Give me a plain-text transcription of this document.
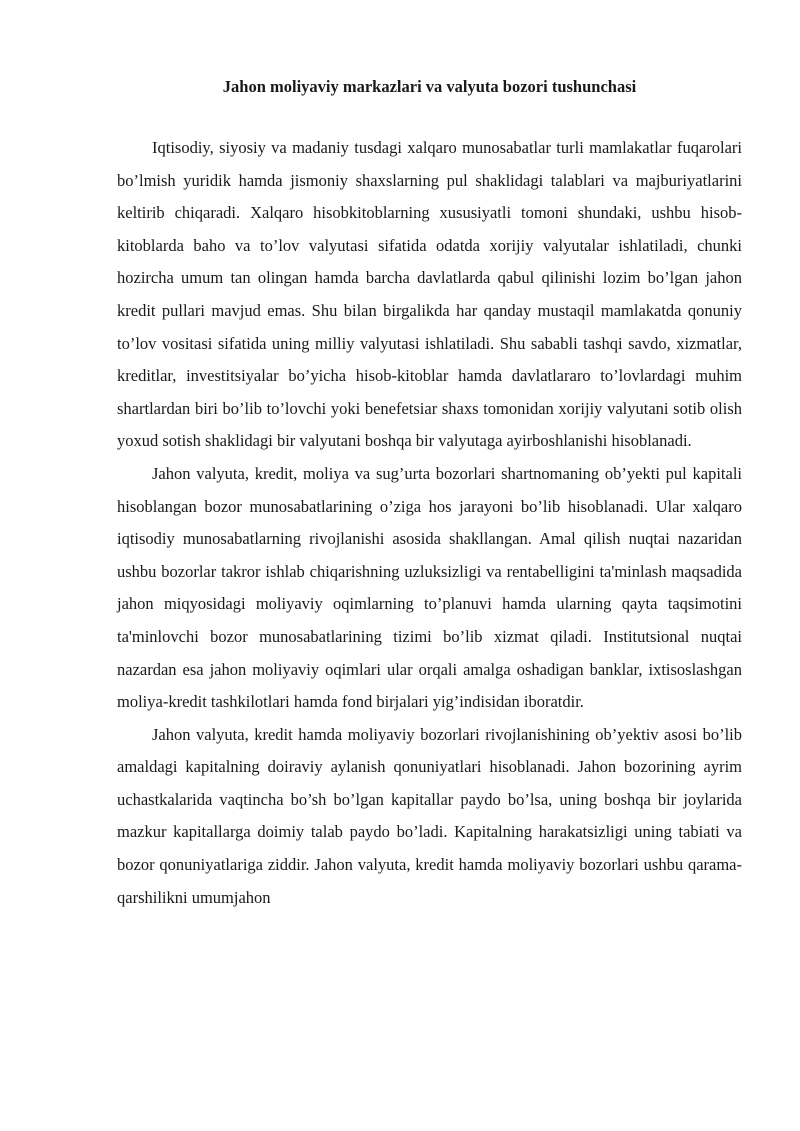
Jahon moliyaviy markazlari va valyuta bozori tushunchasi

Iqtisodiy, siyosiy va madaniy tusdagi xalqaro munosabatlar turli mamlakatlar fuqarolari bo’lmish yuridik hamda jismoniy shaxslarning pul shaklidagi talablari va majburiyatlarini keltirib chiqaradi. Xalqaro hisobkitoblarning xususiyatli tomoni shundaki, ushbu hisob-kitoblarda baho va to’lov valyutasi sifatida odatda xorijiy valyutalar ishlatiladi, chunki hozircha umum tan olingan hamda barcha davlatlarda qabul qilinishi lozim bo’lgan jahon kredit pullari mavjud emas. Shu bilan birgalikda har qanday mustaqil mamlakatda qonuniy to’lov vositasi sifatida uning milliy valyutasi ishlatiladi. Shu sababli tashqi savdo, xizmatlar, kreditlar, investitsiyalar bo’yicha hisob-kitoblar hamda davlatlararo to’lovlardagi muhim shartlardan biri bo’lib to’lovchi yoki benefetsiar shaxs tomonidan xorijiy valyutani sotib olish yoxud sotish shaklidagi bir valyutani boshqa bir valyutaga ayirboshlanishi hisoblanadi.

Jahon valyuta, kredit, moliya va sug’urta bozorlari shartnomaning ob’yekti pul kapitali hisoblangan bozor munosabatlarining o’ziga hos jarayoni bo’lib hisoblanadi. Ular xalqaro iqtisodiy munosabatlarning rivojlanishi asosida shakllangan. Amal qilish nuqtai nazaridan ushbu bozorlar takror ishlab chiqarishning uzluksizligi va rentabelligini ta'minlash maqsadida jahon miqyosidagi moliyaviy oqimlarning to’planuvi hamda ularning qayta taqsimotini ta'minlovchi bozor munosabatlarining tizimi bo’lib xizmat qiladi. Institutsional nuqtai nazardan esa jahon moliyaviy oqimlari ular orqali amalga oshadigan banklar, ixtisoslashgan moliya-kredit tashkilotlari hamda fond birjalari yig’indisidan iboratdir.

Jahon valyuta, kredit hamda moliyaviy bozorlari rivojlanishining ob’yektiv asosi bo’lib amaldagi kapitalning doiraviy aylanish qonuniyatlari hisoblanadi. Jahon bozorining ayrim uchastkalarida vaqtincha bo’sh bo’lgan kapitallar paydo bo’lsa, uning boshqa bir joylarida mazkur kapitallarga doimiy talab paydo bo’ladi. Kapitalning harakatsizligi uning tabiati va bozor qonuniyatlariga ziddir. Jahon valyuta, kredit hamda moliyaviy bozorlari ushbu qarama-qarshilikni umumjahon
